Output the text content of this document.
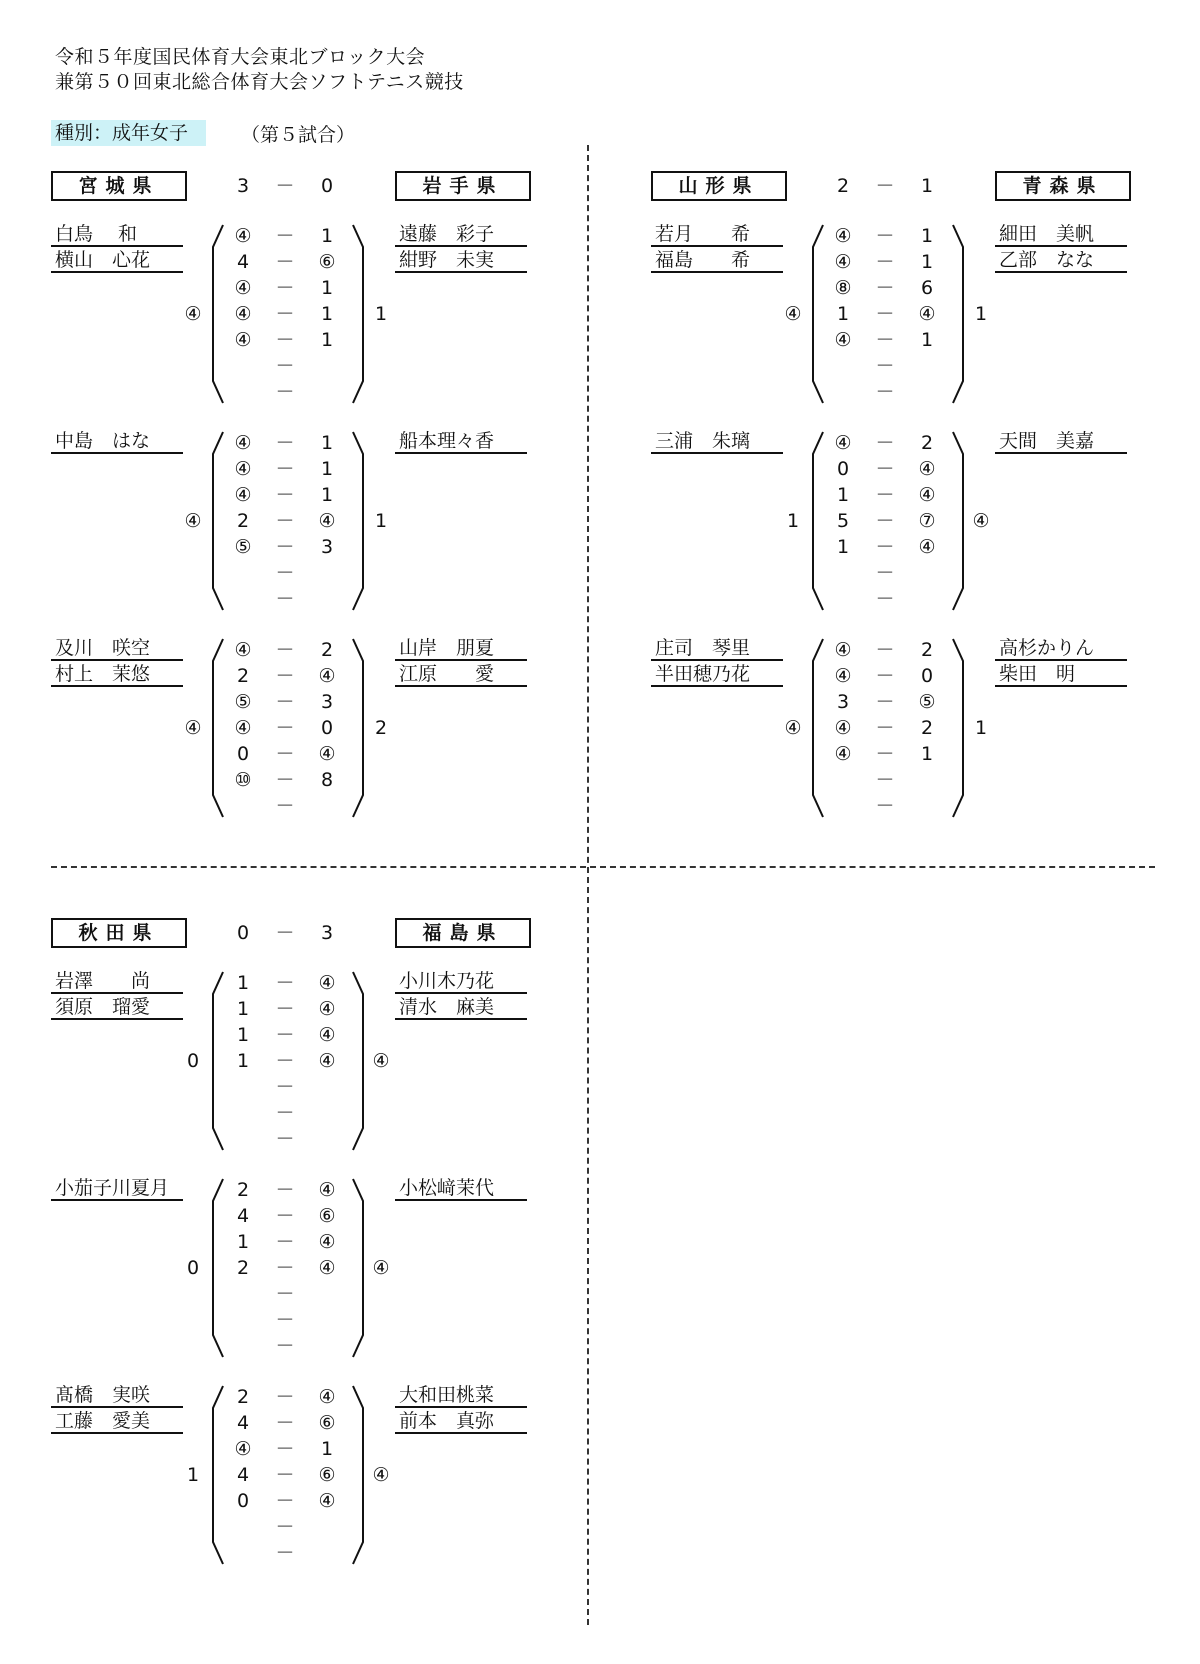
令和５年度国民体育大会東北ブロック大会
兼第５０回東北総合体育大会ソフトテニス競技
種別：成年女子	（第５試合）
宮城県	岩手県
3	－	0
白鳥　 和
横山　心花
遠藤　彩子
紺野　未実
④ －	1
4	－ ⑥
④ －	1
④ －	1
④ －	1
－
－
④	1
中島　はな	船本理々香
④ －	1
④ －	1
④ －	1
2	－ ④
⑤ －	3
－
－
④	1
及川　咲空
村上　茉悠
山岸　朋夏
江原　　愛
④ －	2
2	－ ④
⑤ －	3
④ －	0
0	－ ④
⑩ －	8
－
④	2
山形県	青森県
2	－	1
若月　　希
福島　　希
細田　美帆
乙部　なな
④ －	1
④ －	1
⑧ －	6
1	－ ④
④ －	1
－
－
④	1
三浦　朱璃	天間　美嘉
④ －	2
0	－ ④
1	－ ④
5	－ ⑦
1	－ ④
－
－
1	④
庄司　琴里
半田穂乃花
高杉かりん
柴田　明
④ －	2
④ －	0
3	－ ⑤
④ －	2
④ －	1
－
－
④	1
秋田県	福島県
0	－	3
岩澤　　尚
須原　瑠愛
小川木乃花
清水　麻美
1	－ ④
1	－ ④
1	－ ④
1	－ ④
－
－
－
0	④
小茄子川夏月	小松﨑茉代
2	－ ④
4	－ ⑥
1	－ ④
2	－ ④
－
－
－
0	④
髙橋　実咲
工藤　愛美
大和田桃菜
前本　真弥
2	－ ④
4	－ ⑥
④ －	1
4	－ ⑥
0	－ ④
－
－
1	④
